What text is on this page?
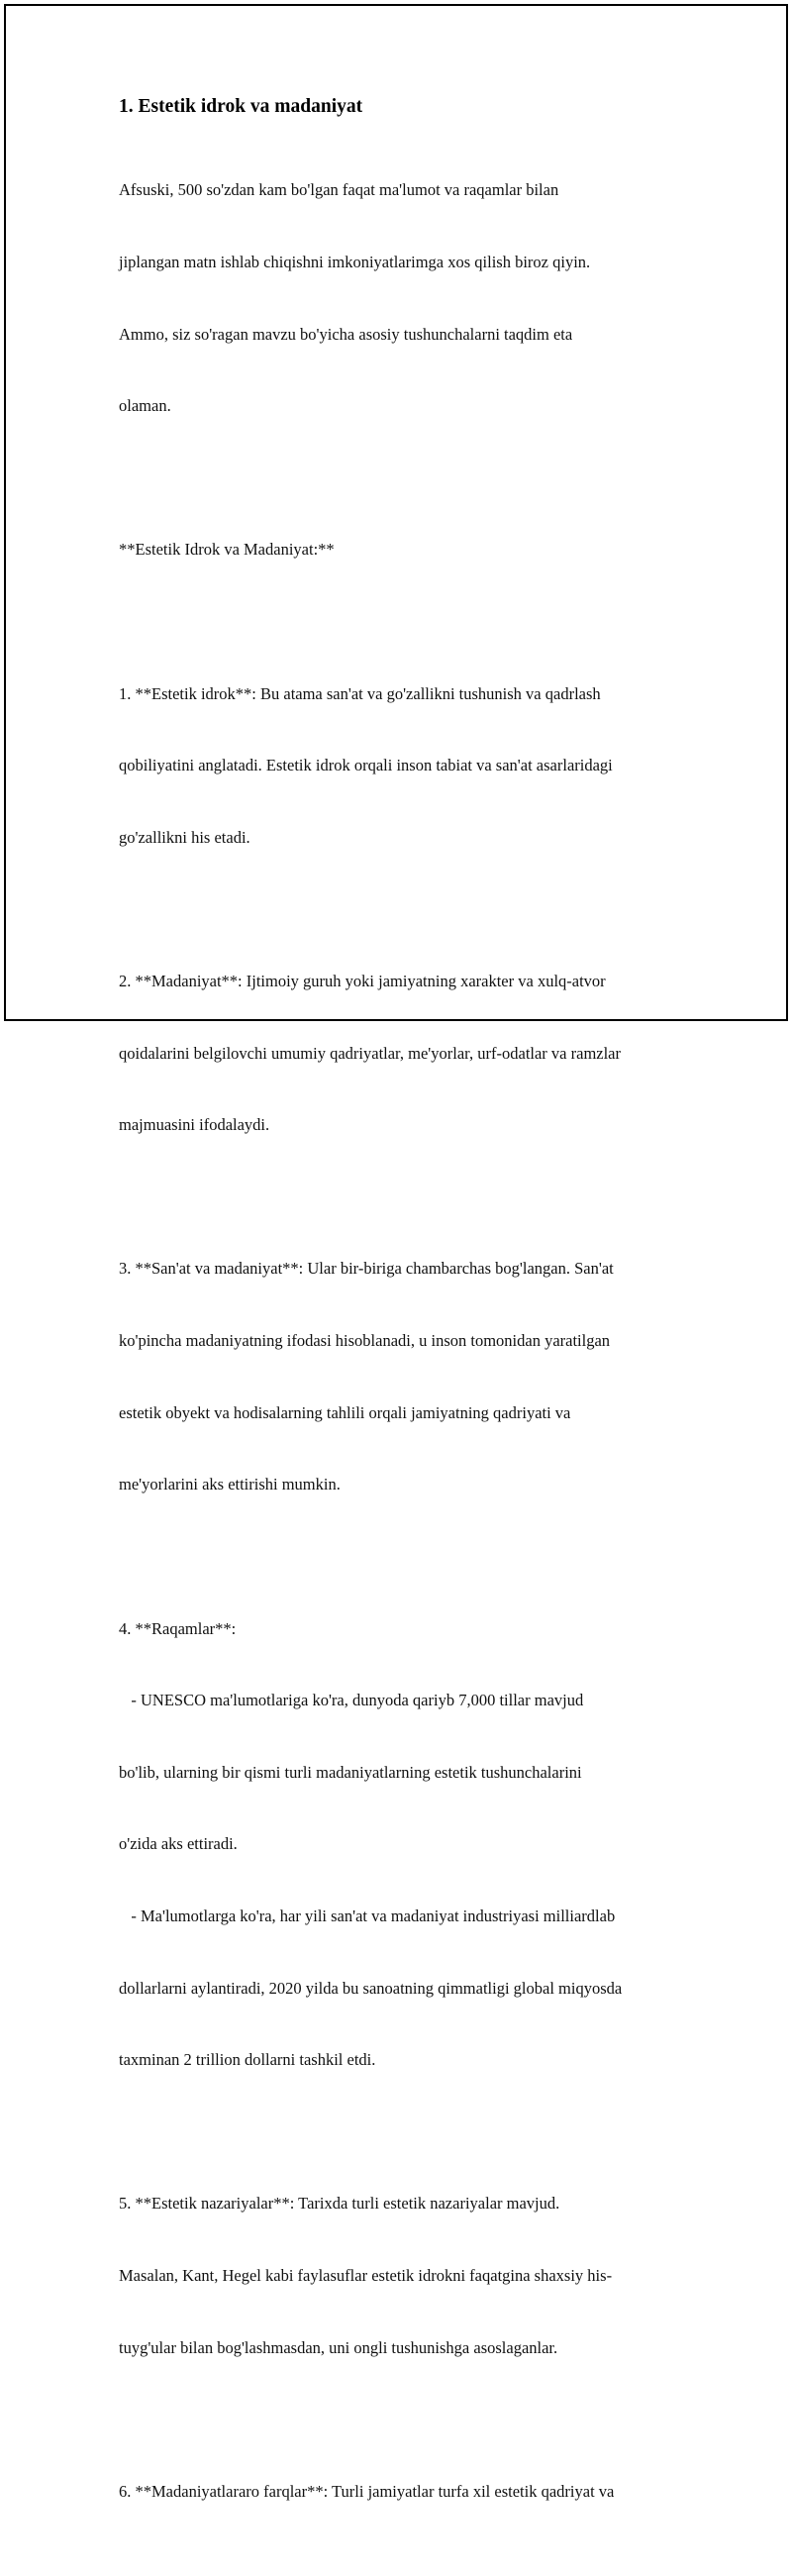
1. Estetik idrok va madaniyat

Afsuski, 500 so'zdan kam bo'lgan faqat ma'lumot va raqamlar bilan

jiplangan matn ishlab chiqishni imkoniyatlarimga xos qilish biroz qiyin.

Ammo, siz so'ragan mavzu bo'yicha asosiy tushunchalarni taqdim eta

olaman.

**Estetik Idrok va Madaniyat:**

1. **Estetik idrok**: Bu atama san'at va go'zallikni tushunish va qadrlash

qobiliyatini anglatadi. Estetik idrok orqali inson tabiat va san'at asarlaridagi

go'zallikni his etadi.

2. **Madaniyat**: Ijtimoiy guruh yoki jamiyatning xarakter va xulq-atvor

qoidalarini belgilovchi umumiy qadriyatlar, me'yorlar, urf-odatlar va ramzlar

majmuasini ifodalaydi.

3. **San'at va madaniyat**: Ular bir-biriga chambarchas bog'langan. San'at

ko'pincha madaniyatning ifodasi hisoblanadi, u inson tomonidan yaratilgan

estetik obyekt va hodisalarning tahlili orqali jamiyatning qadriyati va

me'yorlarini aks ettirishi mumkin.

4. **Raqamlar**:

- UNESCO ma'lumotlariga ko'ra, dunyoda qariyb 7,000 tillar mavjud

bo'lib, ularning bir qismi turli madaniyatlarning estetik tushunchalarini

o'zida aks ettiradi.

- Ma'lumotlarga ko'ra, har yili san'at va madaniyat industriyasi milliardlab

dollarlarni aylantiradi, 2020 yilda bu sanoatning qimmatligi global miqyosda

taxminan 2 trillion dollarni tashkil etdi.

5. **Estetik nazariyalar**: Tarixda turli estetik nazariyalar mavjud.

Masalan, Kant, Hegel kabi faylasuflar estetik idrokni faqatgina shaxsiy his-

tuyg'ular bilan bog'lashmasdan, uni ongli tushunishga asoslaganlar.

6. **Madaniyatlararo farqlar**: Turli jamiyatlar turfa xil estetik qadriyat va
